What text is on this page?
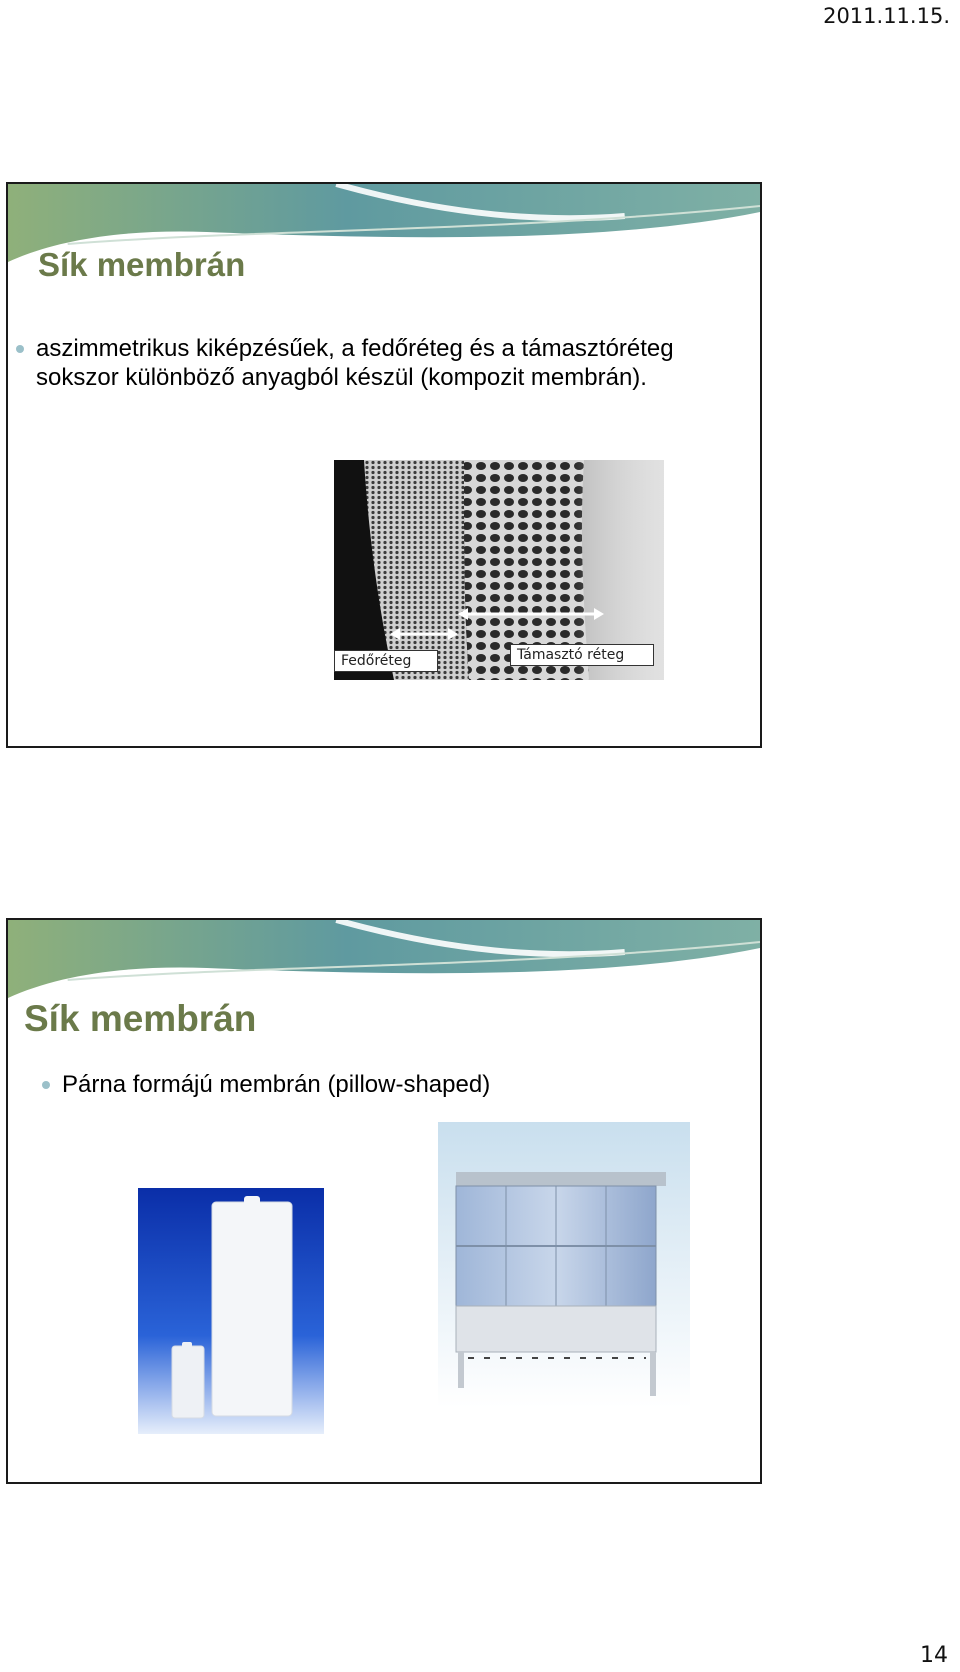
2011.11.15.
Sík membrán
aszimmetrikus kiképzésűek, a fedőréteg és a támasztóréteg sokszor különböző anyagból készül (kompozit membrán).
Fedőréteg	Támasztó réteg
Sík membrán
Párna formájú membrán (pillow-shaped)
14
